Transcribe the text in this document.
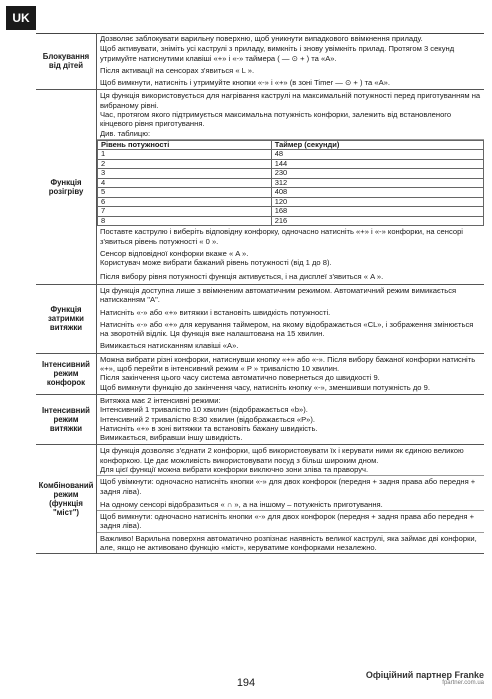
UK
Блокування від дітей

Дозволяє заблокувати варильну поверхню, щоб уникнути випадкового ввімкнення приладу.

Щоб активувати, зніміть усі каструлі з приладу, вимкніть і знову увімкніть прилад. Протягом 3 секунд утримуйте натиснутими клавіші «+» і «-» таймера ( — ⊙ + ) та «А».

Після активації на сенсорах з'явиться « L ».

Щоб вимкнути, натисніть і утримуйте кнопки «-» і «+» (в зоні Timer — ⊙ + ) та «А».

Функція розігріву

Ця функція використовується для нагрівання каструлі на максимальній потужності перед приготуванням на вибраному рівні.

Час, протягом якого підтримується максимальна потужність конфорки, залежить від встановленого кінцевого рівня приготування.

Див. таблицю:

Рівень потужності	Таймер (секунди)
1	48
2	144
3	230
4	312
5	408
6	120
7	168
8	216

Поставте каструлю і виберіть відповідну конфорку, одночасно натисніть «+» і «-» конфорки, на сенсорі з'явиться рівень потужності « 0 ».

Сенсор відповідної конфорки вкаже « A ».

Користувач може вибрати бажаний рівень потужності (від 1 до 8).

Після вибору рівня потужності функція активується, і на дисплеї з'явиться « A ».

Функція затримки витяжки

Ця функція доступна лише з ввімкненим автоматичним режимом. Автоматичний режим вимикається натисканням "A".

Натисніть «-» або «+» витяжки і встановіть швидкість потужності.

Натисніть «-» або «+» для керування таймером, на якому відображається «CL», і зображення змінюється на зворотній відлік. Ця функція вже налаштована на 15 хвилин.

Вимикається натисканням клавіші «A».

Інтенсивний режим конфорок

Можна вибрати різні конфорки, натиснувши кнопку «+» або «-». Після вибору бажаної конфорки натисніть «+», щоб перейти в інтенсивний режим « P » тривалістю 10 хвилин.

Після закінчення цього часу система автоматично повернеться до швидкості 9.

Щоб вимкнути функцію до закінчення часу, натисніть кнопку «-», зменшивши потужність до 9.

Інтенсивний режим витяжки

Витяжка має 2 інтенсивні режими:

Інтенсивний 1 тривалістю 10 хвилин (відображається «b»).

Інтенсивний 2 тривалістю 8:30 хвилин (відображається «P»).

Натисніть «+» в зоні витяжки та встановіть бажану швидкість.

Вимикається, вибравши іншу швидкість.

Комбінований режим (функція "міст")

Ця функція дозволяє з'єднати 2 конфорки, щоб використовувати їх і керувати ними як єдиною великою конфоркою. Це дає можливість використовувати посуд з більш широким дном.

Для цієї функції можна вибрати конфорки виключно зони зліва та праворуч.

Щоб увімкнути: одночасно натисніть кнопки «-» для двох конфорок (передня + задня права або передня + задня ліва).

На одному сенсорі відобразиться « ∩ », а на іншому – потужність приготування.

Щоб вимкнути: одночасно натисніть кнопки «-» для двох конфорок (передня + задня права або передня + задня ліва).

Важливо! Варильна поверхня автоматично розпізнає наявність великої каструлі, яка займає дві конфорки, але, якщо не активовано функцію «міст», керуватиме конфорками незалежно.

194
Офіційний партнер Franke
fpartner.com.ua
